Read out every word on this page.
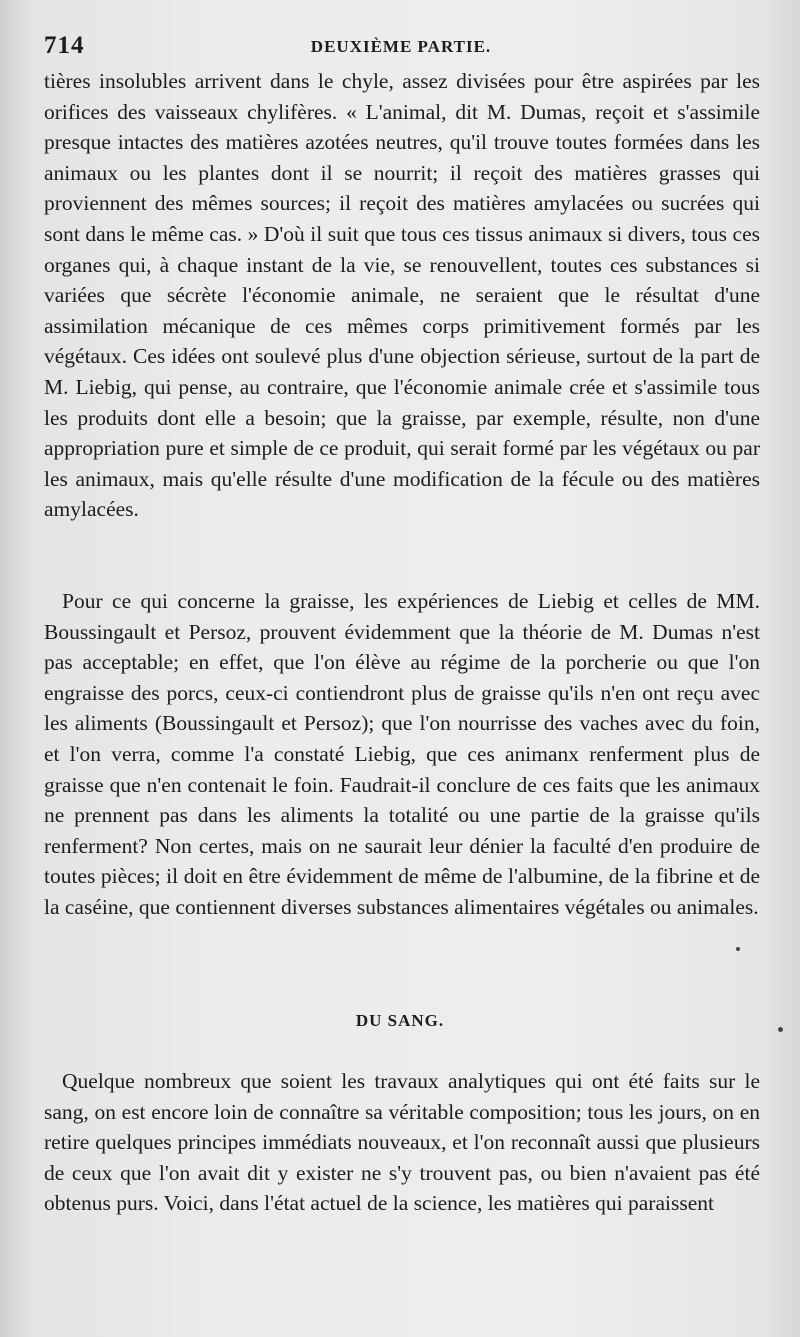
714	DEUXIÈME PARTIE.

tières insolubles arrivent dans le chyle, assez divisées pour être aspirées par les orifices des vaisseaux chylifères. « L'animal, dit M. Dumas, reçoit et s'assimile presque intactes des matières azotées neutres, qu'il trouve toutes formées dans les animaux ou les plantes dont il se nourrit; il reçoit des matières grasses qui proviennent des mêmes sources; il reçoit des matières amylacées ou sucrées qui sont dans le même cas. » D'où il suit que tous ces tissus animaux si divers, tous ces organes qui, à chaque instant de la vie, se renouvellent, toutes ces substances si variées que sécrète l'économie animale, ne seraient que le résultat d'une assimilation mécanique de ces mêmes corps primitivement formés par les végétaux. Ces idées ont soulevé plus d'une objection sérieuse, surtout de la part de M. Liebig, qui pense, au contraire, que l'économie animale crée et s'assimile tous les produits dont elle a besoin; que la graisse, par exemple, résulte, non d'une appropriation pure et simple de ce produit, qui serait formé par les végétaux ou par les animaux, mais qu'elle résulte d'une modification de la fécule ou des matières amylacées.

Pour ce qui concerne la graisse, les expériences de Liebig et celles de MM. Boussingault et Persoz, prouvent évidemment que la théorie de M. Dumas n'est pas acceptable; en effet, que l'on élève au régime de la porcherie ou que l'on engraisse des porcs, ceux-ci contiendront plus de graisse qu'ils n'en ont reçu avec les aliments (Boussingault et Persoz); que l'on nourrisse des vaches avec du foin, et l'on verra, comme l'a constaté Liebig, que ces animanx renferment plus de graisse que n'en contenait le foin. Faudrait-il conclure de ces faits que les animaux ne prennent pas dans les aliments la totalité ou une partie de la graisse qu'ils renferment? Non certes, mais on ne saurait leur dénier la faculté d'en produire de toutes pièces; il doit en être évidemment de même de l'albumine, de la fibrine et de la caséine, que contiennent diverses substances alimentaires végétales ou animales.

DU SANG.

Quelque nombreux que soient les travaux analytiques qui ont été faits sur le sang, on est encore loin de connaître sa véritable composition; tous les jours, on en retire quelques principes immédiats nouveaux, et l'on reconnaît aussi que plusieurs de ceux que l'on avait dit y exister ne s'y trouvent pas, ou bien n'avaient pas été obtenus purs. Voici, dans l'état actuel de la science, les matières qui paraissent
